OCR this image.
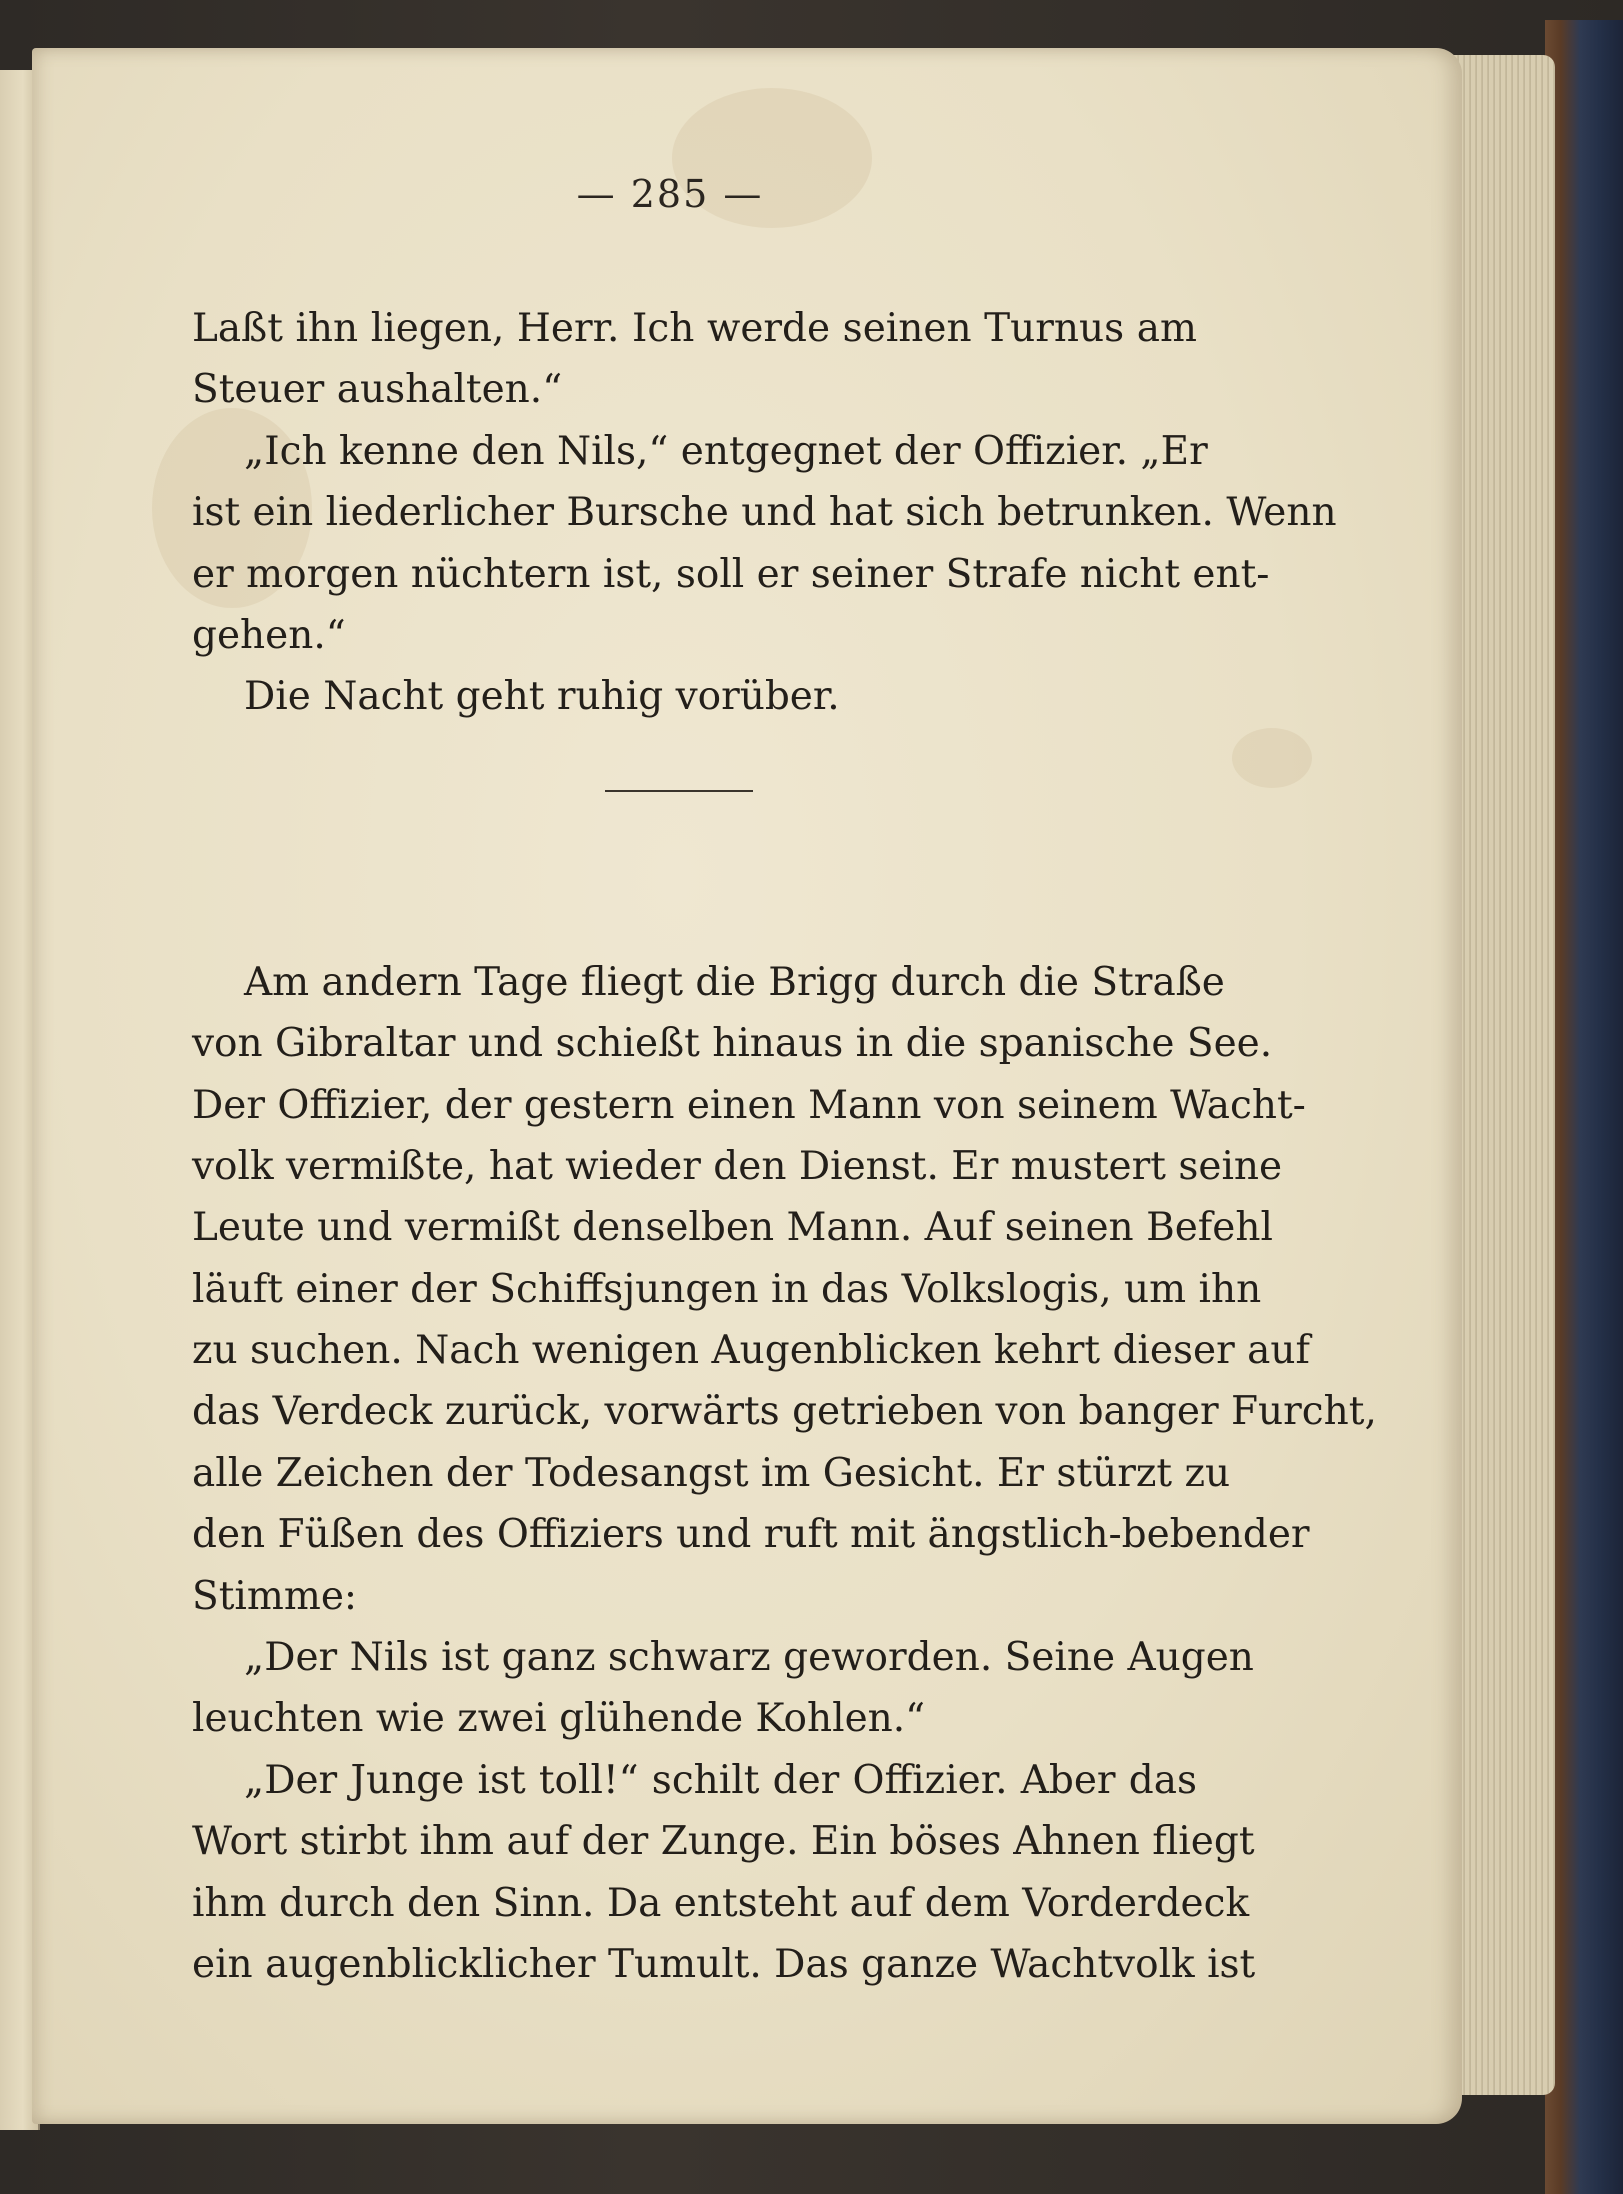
— 285 —
Laßt ihn liegen, Herr. Ich werde seinen Turnus am
Steuer aushalten.“
„Ich kenne den Nils,“ entgegnet der Offizier. „Er
ist ein liederlicher Bursche und hat sich betrunken. Wenn
er morgen nüchtern ist, soll er seiner Strafe nicht ent-
gehen.“
Die Nacht geht ruhig vorüber.
Am andern Tage fliegt die Brigg durch die Straße
von Gibraltar und schießt hinaus in die spanische See.
Der Offizier, der gestern einen Mann von seinem Wacht-
volk vermißte, hat wieder den Dienst. Er mustert seine
Leute und vermißt denselben Mann. Auf seinen Befehl
läuft einer der Schiffsjungen in das Volkslogis, um ihn
zu suchen. Nach wenigen Augenblicken kehrt dieser auf
das Verdeck zurück, vorwärts getrieben von banger Furcht,
alle Zeichen der Todesangst im Gesicht. Er stürzt zu
den Füßen des Offiziers und ruft mit ängstlich-bebender
Stimme:
„Der Nils ist ganz schwarz geworden. Seine Augen
leuchten wie zwei glühende Kohlen.“
„Der Junge ist toll!“ schilt der Offizier. Aber das
Wort stirbt ihm auf der Zunge. Ein böses Ahnen fliegt
ihm durch den Sinn. Da entsteht auf dem Vorderdeck
ein augenblicklicher Tumult. Das ganze Wachtvolk ist
